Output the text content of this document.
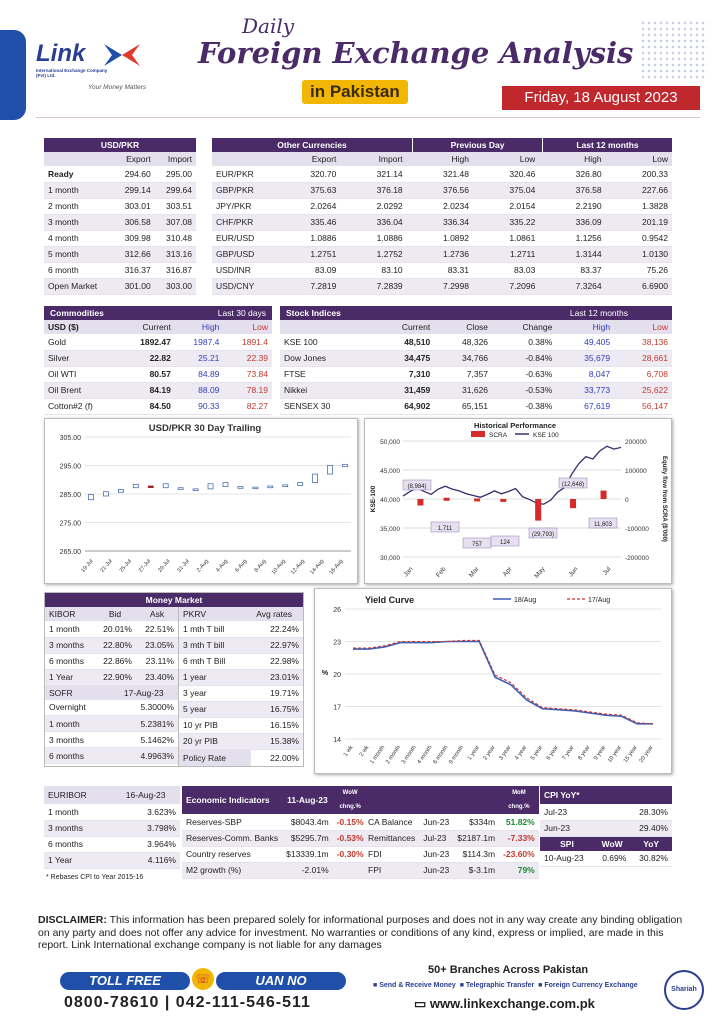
Link
International Exchange Company (Pvt) Ltd.
Your Money Matters
Daily
Foreign Exchange Analysis
in Pakistan	Friday, 18 August 2023
USD/PKR
	Export	Import
Ready	294.60	295.00
1 month	299.14	299.64
2 month	303.01	303.51
3 month	306.58	307.08
4 month	309.98	310.48
5 month	312.66	313.16
6 month	316.37	316.87
Open Market	301.00	303.00
Other Currencies	Previous Day	Last 12 months
	Export	Import	High	Low	High	Low
EUR/PKR	320.70	321.14	321.48	320.46	326.80	200.33
GBP/PKR	375.63	376.18	376.56	375.04	376.58	227.66
JPY/PKR	2.0264	2.0292	2.0234	2.0154	2.2190	1.3828
CHF/PKR	335.46	336.04	336.34	335.22	336.09	201.19
EUR/USD	1.0886	1.0886	1.0892	1.0861	1.1256	0.9542
GBP/USD	1.2751	1.2752	1.2736	1.2711	1.3144	1.0130
USD/INR	83.09	83.10	83.31	83.03	83.37	75.26
USD/CNY	7.2819	7.2839	7.2998	7.2096	7.3264	6.6900
Commodities	Last 30 days
USD ($)	Current	High	Low
Gold	1892.47	1987.4	1891.4
Silver	22.82	25.21	22.39
Oil WTI	80.57	84.89	73.84
Oil Brent	84.19	88.09	78.19
Cotton#2 (f)	84.50	90.33	82.27
Stock Indices	Last 12 months
	Current	Close	Change	High	Low
KSE 100	48,510	48,326	0.38%	49,405	38,136
Dow Jones	34,475	34,766	-0.84%	35,679	28,661
FTSE	7,310	7,357	-0.63%	8,047	6,708
Nikkei	31,459	31,626	-0.53%	33,773	25,622
SENSEX 30	64,902	65,151	-0.38%	67,619	56,147
USD/PKR 30 Day Trailing
305.00
295.00
285.00
275.00
265.00
19-Jul 21-Jul 25-Jul 27-Jul 29-Jul 31-Jul 2-Aug 4-Aug 6-Aug 8-Aug 10-Aug 12-Aug 14-Aug 16-Aug
Historical Performance
SCRA	KSE 100
50,000
45,000
40,000
35,000
30,000
200000
100000
0
-100000
-200000
KSE-100	Equity flow from SCRA ($'000)
Jan	Feb	Mar	Apr	May	Jun	Jul
(8,984)
1,711
757	124
(29,793)
(12,648)
11,603
Money Market
KIBOR	Bid	Ask
1 month	20.01%	22.51%
3 months	22.80%	23.05%
6 months	22.86%	23.11%
1 Year	22.90%	23.40%
SOFR	17-Aug-23
Overnight	5.3000%
1 month	5.2381%
3 months	5.1462%
6 months	4.9963%
PKRV	Avg rates
1 mth T bill	22.24%
3 mth T bill	22.97%
6 mth T Bill	22.98%
1 year	23.01%
3 year	19.71%
5 year	16.75%
10 yr PIB	16.15%
20 yr PIB	15.38%
Policy Rate	22.00%
Yield Curve	18/Aug	17/Aug
26
23
20
17
14
%
1 wk 2 wk
1 month
2 month
3 month
4 month
6 month
9 month 1 year 2 year 3 year 4 year 5 year 6 year 7 year 8 year 9 year 10 year 15 year 20 year
EURIBOR	16-Aug-23
1 month	3.623%
3 months	3.798%
6 months	3.964%
1 Year	4.116%
Economic Indicators	11-Aug-23	WoW chng.%
Reserves-SBP	$8043.4m	-0.15%
Reserves-Comm. Banks	$5295.7m	-0.53%
Country reserves	$13339.1m	-0.30%
M2 growth (%)	-2.01%	
			MoM chng.%
CA Balance	Jun-23	$334m	51.82%
Remittances	Jul-23	$2187.1m	-7.33%
FDI	Jun-23	$114.3m	-23.60%
FPI	Jun-23	$-3.1m	79%
CPI YoY*	
Jul-23	28.30%
Jun-23	29.40%
SPI	WoW	YoY
10-Aug-23	0.69%	30.82%
* Rebases CPI to Year 2015-16
DISCLAIMER: This information has been prepared solely for informational purposes and does not in any way create any binding obligation on any party and does not offer any advice for investment. No warranties or conditions of any kind, express or implied, are made in this report. Link International exchange company is not liable for any damages
TOLL FREE	☏	UAN NO
0800-78610 | 042-111-546-511
50+ Branches Across Pakistan
■ Send & Receive Money  ■ Telegraphic Transfer  ■ Foreign Currency Exchange
▭ www.linkexchange.com.pk
Shariah
